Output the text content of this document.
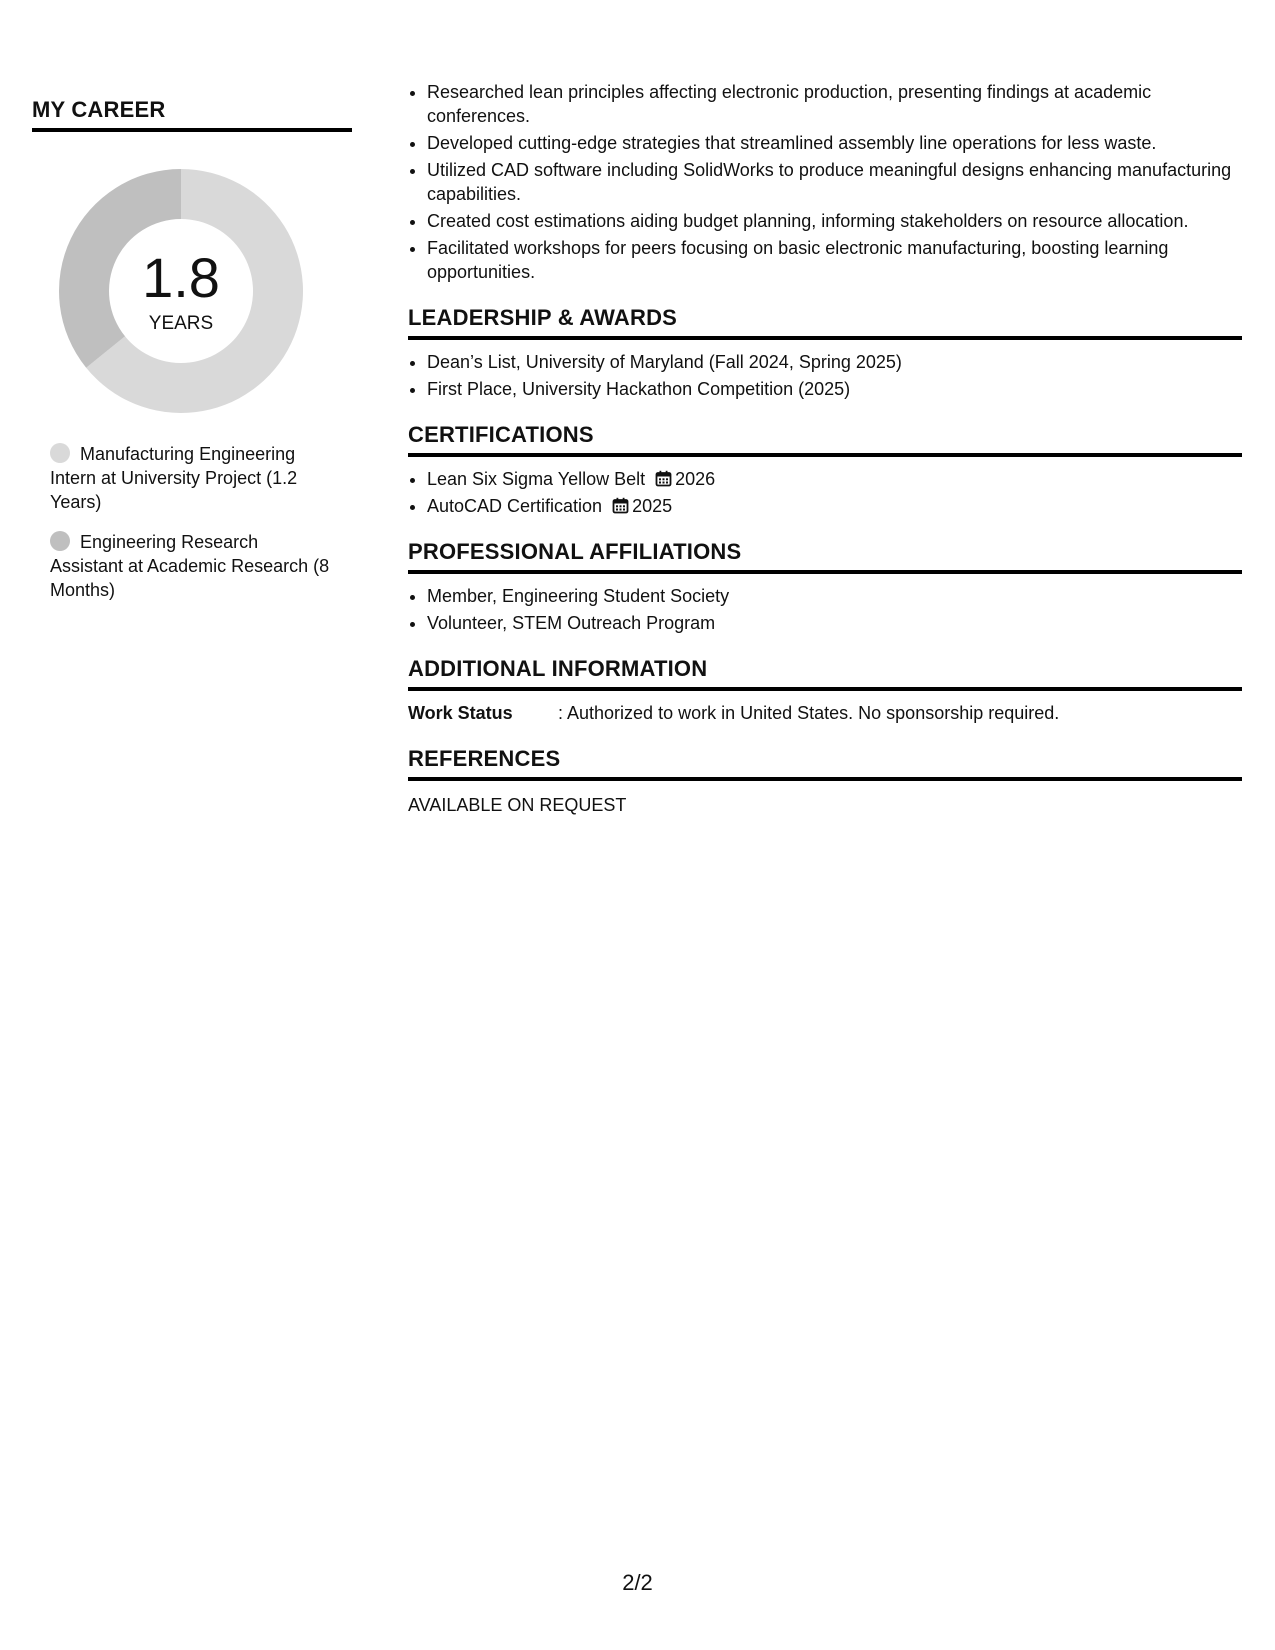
MY CAREER
1.8
YEARS
Manufacturing Engineering Intern at University Project (1.2 Years)
Engineering Research Assistant at Academic Research (8 Months)
• Researched lean principles affecting electronic production, presenting findings at academic conferences.
• Developed cutting-edge strategies that streamlined assembly line operations for less waste.
• Utilized CAD software including SolidWorks to produce meaningful designs enhancing manufacturing capabilities.
• Created cost estimations aiding budget planning, informing stakeholders on resource allocation.
• Facilitated workshops for peers focusing on basic electronic manufacturing, boosting learning opportunities.
LEADERSHIP & AWARDS
• Dean’s List, University of Maryland (Fall 2024, Spring 2025)
• First Place, University Hackathon Competition (2025)
CERTIFICATIONS
• Lean Six Sigma Yellow Belt 2026
• AutoCAD Certification 2025
PROFESSIONAL AFFILIATIONS
• Member, Engineering Student Society
• Volunteer, STEM Outreach Program
ADDITIONAL INFORMATION
Work Status	: Authorized to work in United States. No sponsorship required.
REFERENCES
AVAILABLE ON REQUEST
2/2
